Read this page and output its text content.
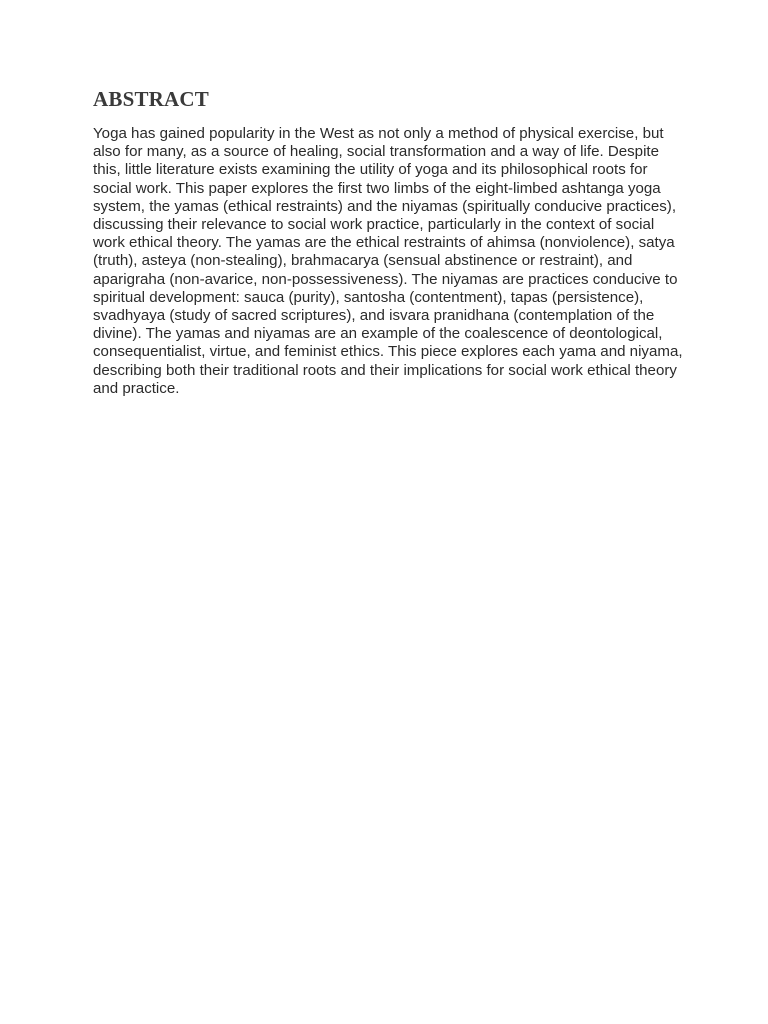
ABSTRACT

Yoga has gained popularity in the West as not only a method of physical exercise, but also for many, as a source of healing, social transformation and a way of life. Despite this, little literature exists examining the utility of yoga and its philosophical roots for social work. This paper explores the first two limbs of the eight-limbed ashtanga yoga system, the yamas (ethical restraints) and the niyamas (spiritually conducive practices), discussing their relevance to social work practice, particularly in the context of social work ethical theory. The yamas are the ethical restraints of ahimsa (nonviolence), satya (truth), asteya (non-stealing), brahmacarya (sensual abstinence or restraint), and aparigraha (non-avarice, non-possessiveness). The niyamas are practices conducive to spiritual development: sauca (purity), santosha (contentment), tapas (persistence), svadhyaya (study of sacred scriptures), and isvara pranidhana (contemplation of the divine). The yamas and niyamas are an example of the coalescence of deontological, consequentialist, virtue, and feminist ethics. This piece explores each yama and niyama, describing both their traditional roots and their implications for social work ethical theory and practice.
